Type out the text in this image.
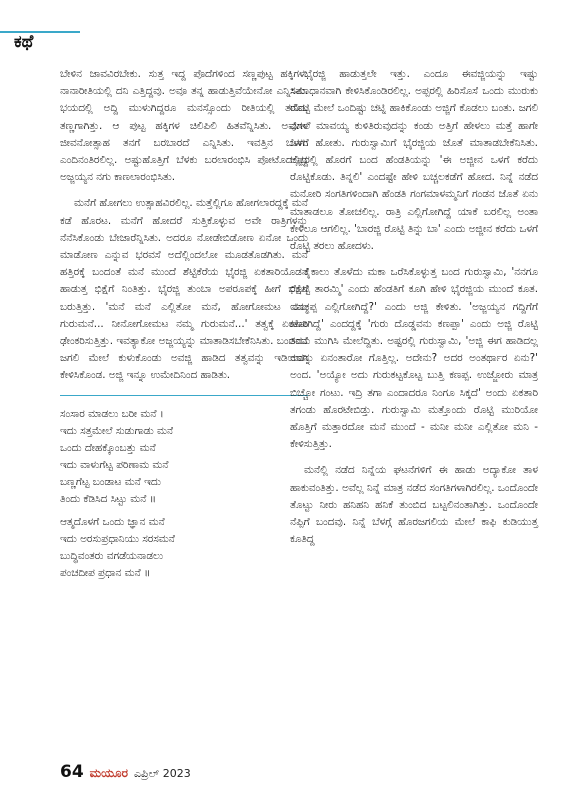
ಕಥೆ

ಬೇಳಿನ ಜಾವವಿರಬೇಕು. ಸುತ್ತ ಇದ್ದ ಪೊದೆಗಳಿಂದ ಸಣ್ಣಪುಟ್ಟ ಹಕ್ಕಿಗಳು ನಾನಾರೀತಿಯಲ್ಲಿ ದನಿ ಎತ್ತಿದ್ದವು. ಅವೂ ತನ್ನ ಹಾಡುತ್ತಿವೆಯೇನೋ ಎನ್ನಿಸಿತು. ಭಯದಲ್ಲಿ ಅದ್ದಿ ಮುಳುಗಿದ್ದರೂ ಮನಸ್ಸೊಂದು ರೀತಿಯಲ್ಲಿ ತಣಿದು ತಣ್ಣಗಾಗಿತ್ತು. ಆ ಪುಟ್ಟ ಹಕ್ಕಿಗಳ ಚಿಲಿಪಿಲಿ ಹಿತವೆನ್ನಿಸಿತು. ಅವುಗಳ ಜೀವನೋತ್ಸಾಹ ತನಗೆ ಬರಬಾರದೆ ಎನ್ನಿಸಿತು. ಇವತ್ತಿನ ಬೆಳಗು ಎಂದಿನಂತಿರಲಿಲ್ಲ. ಅಷ್ಟುಹೊತ್ತಿಗೆ ಬೆಳಕು ಬರಲಾರಂಭಿಸಿ ಪೋಟೊದಲ್ಲಿದ್ದ ಅಜ್ಜಯ್ಯನ ನಗು ಕಾಣಲಾರಂಭಿಸಿತು.

ಮನೆಗೆ ಹೋಗಲು ಉತ್ಸಾಹವಿರಲಿಲ್ಲ. ಮತ್ತೆಲ್ಲಿಗೂ ಹೋಗಲಾರದ್ದಕ್ಕೆ ಮನೆ ಕಡೆ ಹೊರಟ. ಮನೆಗೆ ಹೋದರೆ ಸುತ್ತಿಕೊಳ್ಳುವ ಅವೇ ರಾತ್ರಿಗಳನ್ನು ನೆನೆಸಿಕೊಂಡು ಬೇಜಾರೆನ್ನಿಸಿತು. ಅದರೂ ನೋಡೇಬಿಡೋಣ ಏನೋ ಒಂದು ಮಾಡೋಣ ಎನ್ನುವ ಭರವಸೆ ಅದೆಲ್ಲಿಂದಲೋ ಮೂಡತೊಡಗಿತು. ಮನೆ ಹತ್ತಿರಕ್ಕೆ ಬಂದಂತೆ ಮನೆ ಮುಂದೆ ಶೆಟ್ಟಿಕೆರೆಯ ಭೈರಜ್ಜಿ ಏಕತಾರಿಯೊಡನೆ ಹಾಡುತ್ತ ಭಿಕ್ಷೆಗೆ ನಿಂತಿತ್ತು. ಭೈರಜ್ಜಿ ತುಂಬಾ ಅಪರೂಪಕ್ಕೆ ಹೀಗೆ ಭಿಕ್ಷೆಗೆ ಬರುತ್ತಿತ್ತು. 'ಮನೆ ಮನೆ ಎಲ್ಲಿತೋ ಮನೆ, ಹೋಗೋಮಟ ನಮ್ಮ ಗುರುಮನೆ... ನೀನೋಗೋಮಟ ನಮ್ಮ ಗುರುಮನೆ...' ತತ್ವಕ್ಕೆ ಏಕತಾರಿ ಢೇಂಕರಿಸುತ್ತಿತ್ತು. ಇವತ್ಯಾಕೋ ಅಜ್ಜಯ್ಯನ್ನು ಮಾತಾಡಿಸಬೇಕೆನಿಸಿತು. ಬಂದವನೆ ಜಗಲಿ ಮೇಲೆ ಕುಳುಕೊಂಡು ಅವಜ್ಜಿ ಹಾಡಿದ ತತ್ವವನ್ನು ಇಡಿಯಾಗಿ ಕೇಳಿಸಿಕೊಂಡ. ಅಜ್ಜಿ ಇನ್ನೂ ಉಮೇದಿನಿಂದ ಹಾಡಿತು.

ಸಂಸಾರ ಮಾಡಲು ಬರೀ ಮನೆ ।

ಇದು ಸತ್ತಮೇಲೆ ಸುಡುಗಾಡು ಮನೆ

ಒಂದು ದೇಹಕ್ಕೊಂಬತ್ತು ಮನೆ

ಇದು ವಾಳುಗೆಟ್ಟ ಪರಿಣಾಮ ಮನೆ

ಬಣ್ಣಗೆಟ್ಟ ಬಂಡಾಟ ಮನೆ ಇದು

ತಿಂದು ಕೆಡಿಸಿದ ಸಿಟ್ಟು ಮನೆ ॥

ಆತ್ಮದೊಳಗೆ ಒಂದು ಜ್ಞಾನ ಮನೆ

ಇದು ಅರಸುಪ್ರಧಾನಿಯು ಸರಸಮನೆ

ಬುದ್ಧಿವಂತರು ವಗಡೆಯನಾಡಲು

ಪಂಚದೀಪ ಪ್ರಧಾನ ಮನೆ ॥

ಭೈರಜ್ಜಿ ಹಾಡುತ್ತಲೇ ಇತ್ತು. ಎಂದೂ ಈವಜ್ಜಿಯನ್ನು ಇಷ್ಟು ಸಮಾಧಾನವಾಗಿ ಕೇಳಿಸಿಕೊಂಡಿರಲಿಲ್ಲ. ಅಪ್ಪರಲ್ಲಿ ಹಿರಿಸೊಸೆ ಒಂದು ಮುರುಕು ರೊಟ್ಟಿ ಮೇಲೆ ಒಂದಿಷ್ಟು ಚಟ್ನಿ ಹಾಕಿಕೊಂಡು ಅಜ್ಜಿಗೆ ಕೊಡಲು ಬಂತು. ಜಗಲಿ ಮೇಲೆ ಮಾವಯ್ಯ ಕುಳಿತಿರುವುದನ್ನು ಕಂಡು ಅತ್ತಿಗೆ ಹೇಳಲು ಮತ್ತೆ ಹಾಗೇ ಒಳಗೆ ಹೋತು. ಗುರುಸ್ವಾಮಿಗೆ ಭೈರಜ್ಜಿಯ ಜೊತೆ ಮಾತಾಡಬೇಕೆನಿಸಿತು. ಅಪ್ಪರಲ್ಲಿ ಹೊರಗೆ ಬಂದ ಹೆಂಡತಿಯನ್ನು 'ಈ ಅಜ್ಜೀನ ಒಳಗೆ ಕರೆದು ರೊಟ್ಟಿಕೊಡು. ತಿನ್ನಲಿ' ಎಂದಷ್ಟೇ ಹೇಳಿ ಬಚ್ಚಲಕಡೆಗೆ ಹೋದ. ನಿನ್ನೆ ನಡೆದ ಮನೋರಿ ಸಂಗತಿಗಳಿಂದಾಗಿ ಹೆಂಡತಿ ಗಂಗಮಾಳಮ್ಮನಿಗೆ ಗಂಡನ ಜೊತೆ ಏನು ಮಾತಾಡಲೂ ತೋಚಲಿಲ್ಲ. ರಾತ್ರಿ ಎಲ್ಲಿಗೋಗಿದ್ದೆ ಯಾಕೆ ಬರಲಿಲ್ಲ ಅಂತಾ ಕೇಳಲೂ ಆಗಲಿಲ್ಲ. 'ಬಾರಜ್ಜಿ ರೊಟ್ಟಿ ತಿನ್ನು ಬಾ' ಎಂದು ಅಜ್ಜೀನ ಕರೆದು ಒಳಗೆ ರೊಟ್ಟಿ ತರಲು ಹೋದಳು.

ಕೈಕಾಲು ತೊಳೆದು ಮಕಾ ಒರೆಸಿಕೊಳ್ಳುತ್ತ ಬಂದ ಗುರುಸ್ವಾಮಿ, 'ನನಗೂ ರೊಟ್ಟಿ ತಾರಮ್ಮಿ' ಎಂದು ಹೆಂಡತಿಗೆ ಕೂಗಿ ಹೇಳಿ ಭೈರಜ್ಜಿಯ ಮುಂದೆ ಕೂತ. ಯಾಕಪ್ಪ ಎಲ್ಲಿಗೋಗಿದ್ದೆ?' ಎಂದು ಅಜ್ಜಿ ಕೇಳಿತು. 'ಅಜ್ಜಯ್ಯನ ಗದ್ದಿಗೆಗೆ ಹೋಗಿದ್ದೆ' ಎಂದದ್ದಕ್ಕೆ 'ಗುರು ದೊಡ್ಡವನು ಕಣಪ್ಪಾ' ಎಂದು ಅಜ್ಜಿ ರೊಟ್ಟಿ ತಿಂದು ಮುಗಿಸಿ ಮೇಲೆದ್ದಿತು. ಅಷ್ಟರಲ್ಲಿ ಗುರುಸ್ವಾಮಿ, 'ಅಜ್ಜಿ ಈಗ ಹಾಡಿದಲ್ಲ ಅದನ್ನು ಏನಂತಾರೋ ಗೊತ್ತಿಲ್ಲ. ಅದೇನು? ಅದರ ಅಂತರ್ಥಾರ ಏನು?' ಅಂದ. 'ಅಯ್ಯೋ ಅದು ಗುರುಕಟ್ಟಕೊಟ್ಟ ಬುತ್ತಿ ಕಣಪ್ಪ. ಉಜ್ಜೋರು ಮಾತ್ರ ಬಿಚ್ಚೋ ಗಂಟು. ಇದ್ರಿ ತಗಾ ಎಂದಾದರೂ ನಿಂಗೂ ಸಿಕ್ಕದೆ' ಅಂದು ಏಕತಾರಿ ತಗಂಡು ಹೊರಟೇಬಿಡ್ತು. ಗುರುಸ್ವಾಮಿ ಮತ್ತೊಂದು ರೊಟ್ಟಿ ಮುರಿಯೋ ಹೊತ್ತಿಗೆ ಮತ್ತಾರದೋ ಮನೆ ಮುಂದೆ - ಮನೀ ಮನೀ ಎಲ್ಲಿತೋ ಮನಿ - ಕೇಳಿಸುತ್ತಿತ್ತು.

ಮನೆಲ್ಲಿ ನಡೆದ ನಿನ್ನೆಯ ಘಟನೆಗಳಿಗೆ ಈ ಹಾಡು ಅದ್ಯಾಕೋ ತಾಳ ಹಾಕುವಂತಿತ್ತು. ಅವೆಲ್ಲ ನಿನ್ನೆ ಮಾತ್ರ ನಡೆದ ಸಂಗತಿಗಳಾಗಿರಲಿಲ್ಲ. ಒಂದೊಂದೇ ತೊಟ್ಟು ನೀರು ಹನಿಹನಿ ಹನಿಕೆ ತುಂಬಿದ ಬಟ್ಟಲಿನಂತಾಗಿತ್ತು. ಒಂದೊಂದೇ ನೆಪ್ಪಿಗೆ ಬಂದವು. ನಿನ್ನೆ ಬೆಳಗ್ಗೆ ಹೊರಜಗಲಿಯ ಮೇಲೆ ಕಾಫಿ ಕುಡಿಯುತ್ತ ಕೂತಿದ್ದ

64 ಮಯೂರ ಎಪ್ರಿಲ್ 2023
